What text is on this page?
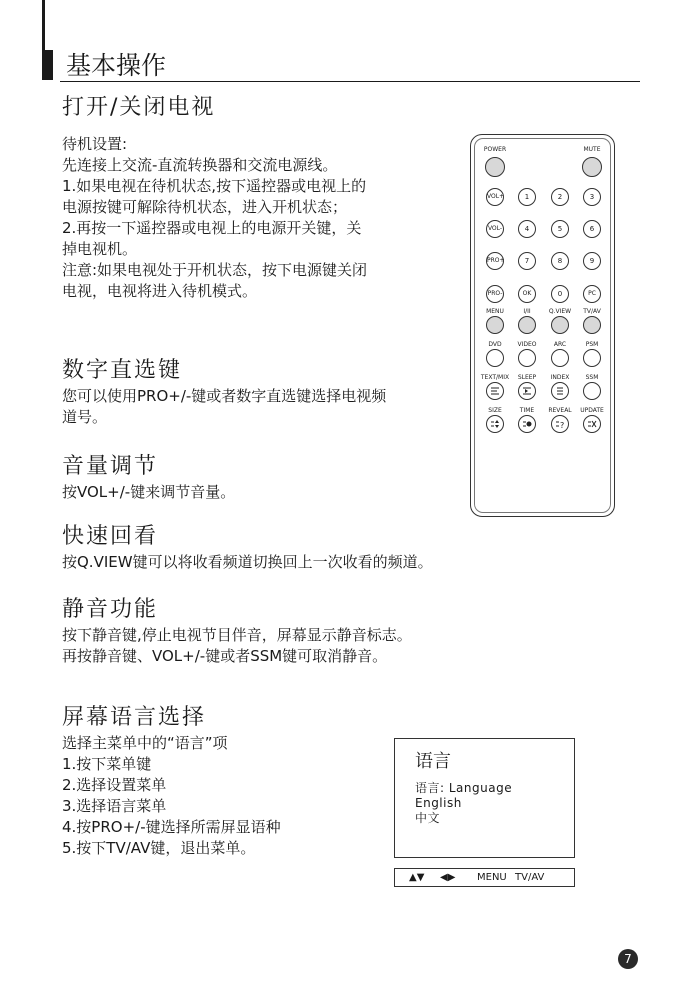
基本操作
打开/关闭电视
待机设置:
先连接上交流-直流转换器和交流电源线。
1.如果电视在待机状态,按下遥控器或电视上的
电源按键可解除待机状态，进入开机状态；
2.再按一下遥控器或电视上的电源开关键，关
掉电视机。
注意:如果电视处于开机状态，按下电源键关闭
电视，电视将进入待机模式。
数字直选键
您可以使用PRO+/-键或者数字直选键选择电视频
道号。
音量调节
按VOL+/-键来调节音量。
快速回看
按Q.VIEW键可以将收看频道切换回上一次收看的频道。
静音功能
按下静音键,停止电视节目伴音，屏幕显示静音标志。
再按静音键、VOL+/-键或者SSM键可取消静音。
屏幕语言选择
选择主菜单中的“语言”项
1.按下菜单键
2.选择设置菜单
3.选择语言菜单
4.按PRO+/-键选择所需屏显语种
5.按下TV/AV键，退出菜单。
POWER	MUTE
VOL+	1	2	3
VOL-	4	5	6
PRO+	7	8	9
PRO-	OK	0	PC
MENU	I/II	Q.VIEW TV/AV
DVD	VIDEO	ARC	PSM
TEXT/MIX SLEEP INDEX	SSM
SIZE	TIME REVEAL UPDATE
?
语言
语言: Language
English
中文
▲▼ ◀▶ MENU TV/AV
7
